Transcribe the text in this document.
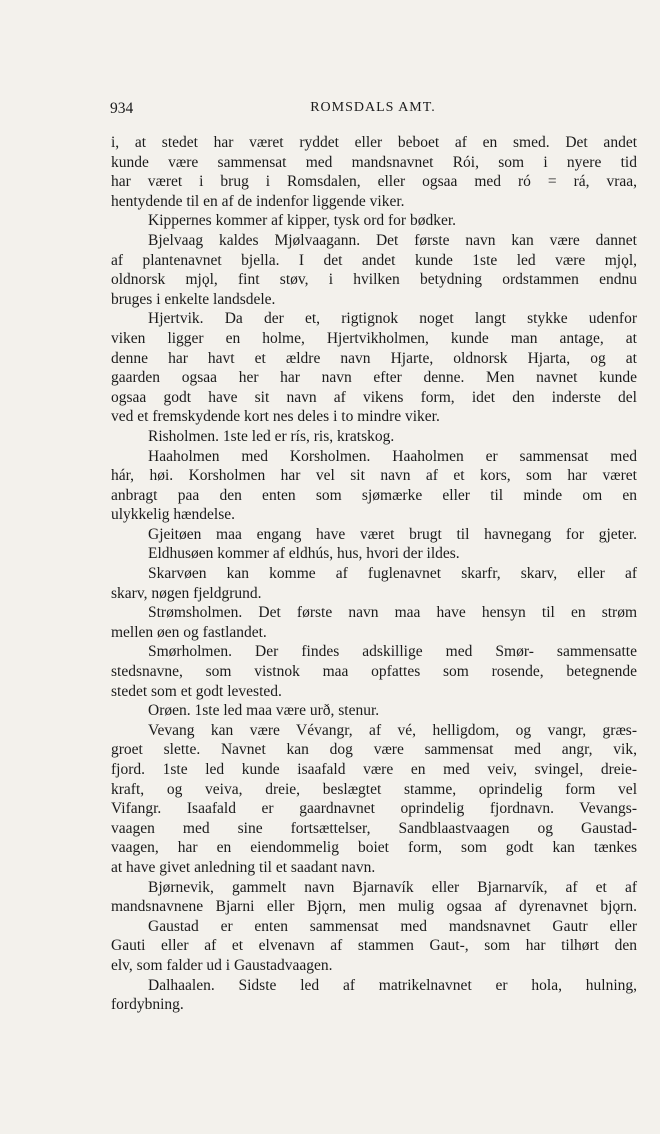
934	ROMSDALS AMT.
i, at stedet har været ryddet eller beboet af en smed. Det andet
kunde være sammensat med mandsnavnet Rói, som i nyere tid
har været i brug i Romsdalen, eller ogsaa med ró = rá, vraa,
hentydende til en af de indenfor liggende viker.
Kippernes kommer af kipper, tysk ord for bødker.
Bjelvaag kaldes Mjølvaagann. Det første navn kan være dannet
af plantenavnet bjella. I det andet kunde 1ste led være mjǫl,
oldnorsk mjǫl, fint støv, i hvilken betydning ordstammen endnu
bruges i enkelte landsdele.
Hjertvik. Da der et, rigtignok noget langt stykke udenfor
viken ligger en holme, Hjertvikholmen, kunde man antage, at
denne har havt et ældre navn Hjarte, oldnorsk Hjarta, og at
gaarden ogsaa her har navn efter denne. Men navnet kunde
ogsaa godt have sit navn af vikens form, idet den inderste del
ved et fremskydende kort nes deles i to mindre viker.
Risholmen. 1ste led er rís, ris, kratskog.
Haaholmen med Korsholmen. Haaholmen er sammensat med
hár, høi. Korsholmen har vel sit navn af et kors, som har været
anbragt paa den enten som sjømærke eller til minde om en
ulykkelig hændelse.
Gjeitøen maa engang have været brugt til havnegang for gjeter.
Eldhusøen kommer af eldhús, hus, hvori der ildes.
Skarvøen kan komme af fuglenavnet skarfr, skarv, eller af
skarv, nøgen fjeldgrund.
Strømsholmen. Det første navn maa have hensyn til en strøm
mellen øen og fastlandet.
Smørholmen. Der findes adskillige med Smør- sammensatte
stedsnavne, som vistnok maa opfattes som rosende, betegnende
stedet som et godt levested.
Orøen. 1ste led maa være urð, stenur.
Vevang kan være Vévangr, af vé, helligdom, og vangr, græs-
groet slette. Navnet kan dog være sammensat med angr, vik,
fjord. 1ste led kunde isaafald være en med veiv, svingel, dreie-
kraft, og veiva, dreie, beslægtet stamme, oprindelig form vel
Vifangr. Isaafald er gaardnavnet oprindelig fjordnavn. Vevangs-
vaagen med sine fortsættelser, Sandblaastvaagen og Gaustad-
vaagen, har en eiendommelig boiet form, som godt kan tænkes
at have givet anledning til et saadant navn.
Bjørnevik, gammelt navn Bjarnavík eller Bjarnarvík, af et af
mandsnavnene Bjarni eller Bjǫrn, men mulig ogsaa af dyrenavnet bjǫrn.
Gaustad er enten sammensat med mandsnavnet Gautr eller
Gauti eller af et elvenavn af stammen Gaut-, som har tilhørt den
elv, som falder ud i Gaustadvaagen.
Dalhaalen. Sidste led af matrikelnavnet er hola, hulning,
fordybning.
